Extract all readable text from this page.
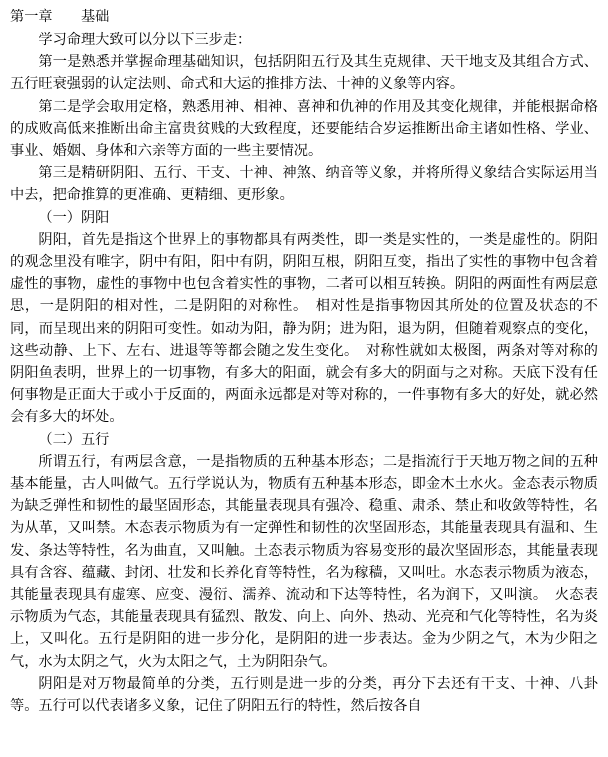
第一章　　基础

学习命理大致可以分以下三步走：

第一是熟悉并掌握命理基础知识，包括阴阳五行及其生克规律、天干地支及其组合方式、五行旺衰强弱的认定法则、命式和大运的推排方法、十神的义象等内容。

第二是学会取用定格，熟悉用神、相神、喜神和仇神的作用及其变化规律，并能根据命格的成败高低来推断出命主富贵贫贱的大致程度，还要能结合岁运推断出命主诸如性格、学业、事业、婚姻、身体和六亲等方面的一些主要情况。

第三是精研阴阳、五行、干支、十神、神煞、纳音等义象，并将所得义象结合实际运用当中去，把命推算的更准确、更精细、更形象。

（一）阴阳

阴阳，首先是指这个世界上的事物都具有两类性，即一类是实性的，一类是虚性的。阴阳的观念里没有唯字，阴中有阳，阳中有阴，阴阳互根，阴阳互变，指出了实性的事物中包含着虚性的事物，虚性的事物中也包含着实性的事物，二者可以相互转换。阴阳的两面性有两层意思，一是阴阳的相对性，二是阴阳的对称性。　相对性是指事物因其所处的位置及状态的不同，而呈现出来的阴阳可变性。如动为阳，静为阴；进为阳，退为阴，但随着观察点的变化，这些动静、上下、左右、进退等等都会随之发生变化。　对称性就如太极图，两条对等对称的阴阳鱼表明，世界上的一切事物，有多大的阳面，就会有多大的阴面与之对称。天底下没有任何事物是正面大于或小于反面的，两面永远都是对等对称的，一件事物有多大的好处，就必然会有多大的坏处。

（二）五行

所谓五行，有两层含意，一是指物质的五种基本形态；二是指流行于天地万物之间的五种基本能量，古人叫做气。五行学说认为，物质有五种基本形态，即金木土水火。金态表示物质为缺乏弹性和韧性的最坚固形态，其能量表现具有强冷、稳重、肃杀、禁止和收敛等特性，名为从革，又叫禁。木态表示物质为有一定弹性和韧性的次坚固形态，其能量表现具有温和、生发、条达等特性，名为曲直，又叫触。土态表示物质为容易变形的最次坚固形态，其能量表现具有含容、蕴藏、封闭、壮发和长养化育等特性，名为稼穑，又叫吐。水态表示物质为液态，其能量表现具有虚寒、应变、漫衍、濡养、流动和下达等特性，名为润下，又叫演。　火态表示物质为气态，其能量表现具有猛烈、散发、向上、向外、热动、光亮和气化等特性，名为炎上，又叫化。五行是阴阳的进一步分化，是阴阳的进一步表达。金为少阴之气，木为少阳之气，水为太阴之气，火为太阳之气，土为阴阳杂气。

阴阳是对万物最简单的分类，五行则是进一步的分类，再分下去还有干支、十神、八卦等。五行可以代表诸多义象，记住了阴阳五行的特性，然后按各自
